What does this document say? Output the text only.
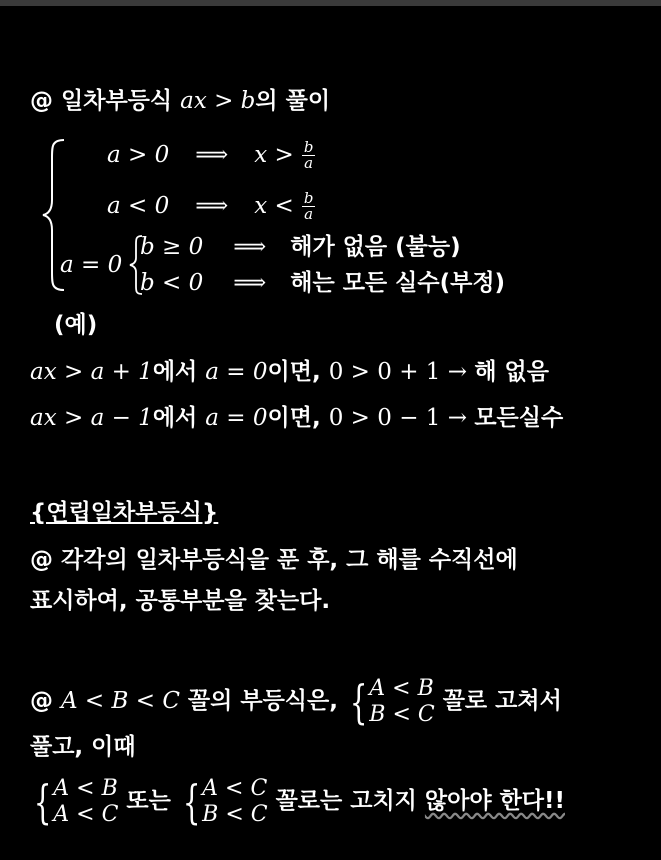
@ 일차부등식 ax > b의 풀이
a > 0 ⟹ $x > \frac{b}{a}$
a < 0 ⟹ $x < \frac{b}{a}$
a = 0
b ≥ 0 ⟹ 해가 없음 (불능)
b < 0 ⟹ 해는 모든 실수(부정)
(예)
ax > a + 1에서 a = 0이면, 0 > 0 + 1 → 해 없음
ax > a − 1에서 a = 0이면, 0 > 0 − 1 → 모든실수
{연립일차부등식}
@ 각각의 일차부등식을 푼 후, 그 해를 수직선에
표시하여, 공통부분을 찾는다.
@ A < B < C 꼴의 부등식은, { A < B
B < C 꼴로 고쳐서
풀고, 이때
{ A < B
A < C 또는 { A < C
B < C 꼴로는 고치지 않아야 한다!!
